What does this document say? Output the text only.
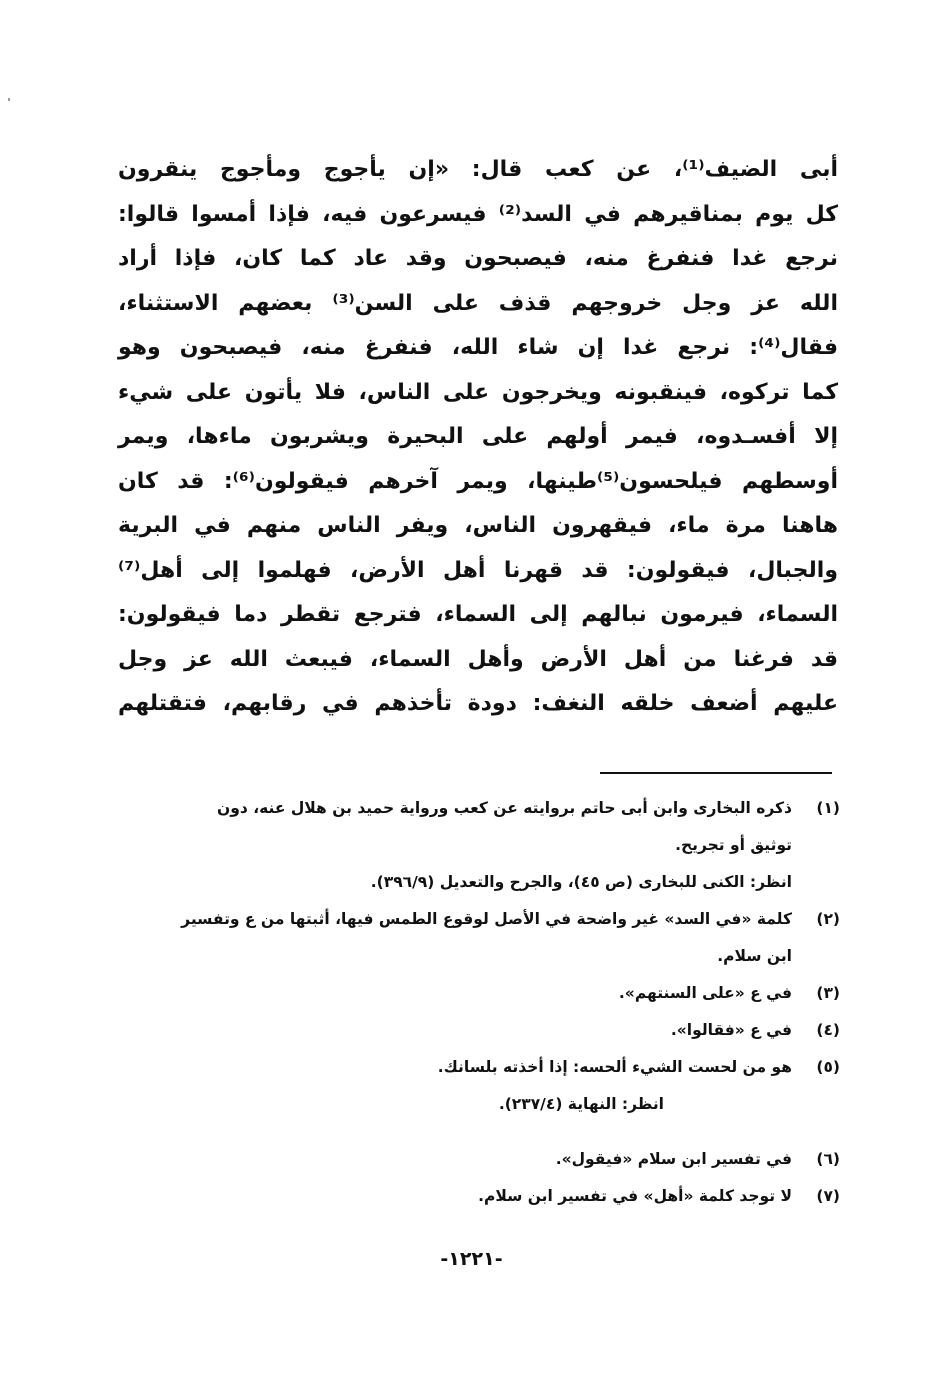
أبى الضيف⁽¹⁾، عن كعب قال: «إن يأجوج ومأجوج ينقرون
كل يوم بمناقيرهم في السد⁽²⁾ فيسرعون فيه، فإذا أمسوا قالوا:
نرجع غدا فنفرغ منه، فيصبحون وقد عاد كما كان، فإذا أراد
الله عز وجل خروجهم قذف على السن⁽³⁾ بعضهم الاستثناء،
فقال⁽⁴⁾: نرجع غدا إن شاء الله، فنفرغ منه، فيصبحون وهو
كما تركوه، فينقبونه ويخرجون على الناس، فلا يأتون على شيء
إلا أفسـدوه، فيمر أولهم على البحيرة ويشربون ماءها، ويمر
أوسطهم فيلحسون⁽⁵⁾طينها، ويمر آخرهم فيقولون⁽⁶⁾: قد كان
هاهنا مرة ماء، فيقهرون الناس، ويفر الناس منهم في البرية
والجبال، فيقولون: قد قهرنا أهل الأرض، فهلموا إلى أهل⁽⁷⁾
السماء، فيرمون نبالهم إلى السماء، فترجع تقطر دما فيقولون:
قد فرغنا من أهل الأرض وأهل السماء، فيبعث الله عز وجل
عليهم أضعف خلقه النغف: دودة تأخذهم في رقابهم، فتقتلهم
(١)ذكره البخارى وابن أبى حاتم بروايته عن كعب ورواية حميد بن هلال عنه، دون
توثيق أو تجريح.
انظر: الكنى للبخارى (ص ٤٥)، والجرح والتعديل (٣٩٦/٩).
(٢)كلمة «في السد» غير واضحة في الأصل لوقوع الطمس فيها، أثبتها من ع وتفسير
ابن سلام.
(٣)في ع «على السنتهم».
(٤)في ع «فقالوا».
(٥)هو من لحست الشيء ألحسه: إذا أخذته بلسانك.
انظر: النهاية (٢٣٧/٤).
(٦)في تفسير ابن سلام «فيقول».
(٧)لا توجد كلمة «أهل» في تفسير ابن سلام.
-١٢٢١-
